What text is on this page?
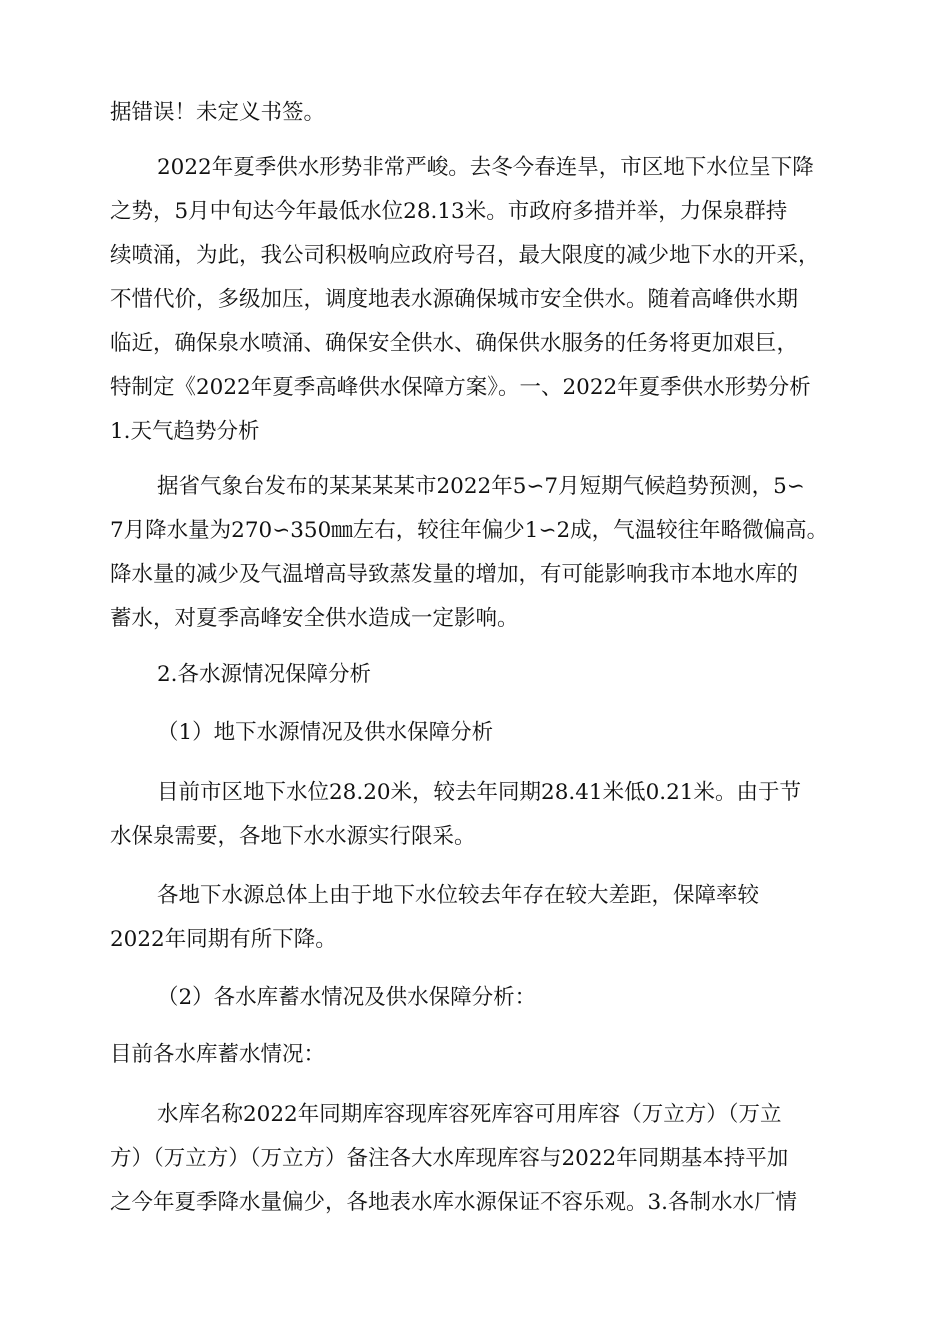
据错误！未定义书签。
2022年夏季供水形势非常严峻。去冬今春连旱，市区地下水位呈下降
之势，5月中旬达今年最低水位28.13米。市政府多措并举，力保泉群持
续喷涌，为此，我公司积极响应政府号召，最大限度的减少地下水的开采，
不惜代价，多级加压，调度地表水源确保城市安全供水。随着高峰供水期
临近，确保泉水喷涌、确保安全供水、确保供水服务的任务将更加艰巨，
特制定《2022年夏季高峰供水保障方案》。一、2022年夏季供水形势分析
1.天气趋势分析
据省气象台发布的某某某某市2022年5∽7月短期气候趋势预测，5∽
7月降水量为270∽350㎜左右，较往年偏少1∽2成，气温较往年略微偏高。
降水量的减少及气温增高导致蒸发量的增加，有可能影响我市本地水库的
蓄水，对夏季高峰安全供水造成一定影响。
2.各水源情况保障分析
（1）地下水源情况及供水保障分析
目前市区地下水位28.20米，较去年同期28.41米低0.21米。由于节
水保泉需要，各地下水水源实行限采。
各地下水源总体上由于地下水位较去年存在较大差距，保障率较
2022年同期有所下降。
（2）各水库蓄水情况及供水保障分析：
目前各水库蓄水情况：
水库名称2022年同期库容现库容死库容可用库容（万立方）（万立
方）（万立方）（万立方）备注各大水库现库容与2022年同期基本持平加
之今年夏季降水量偏少，各地表水库水源保证不容乐观。3.各制水水厂情
